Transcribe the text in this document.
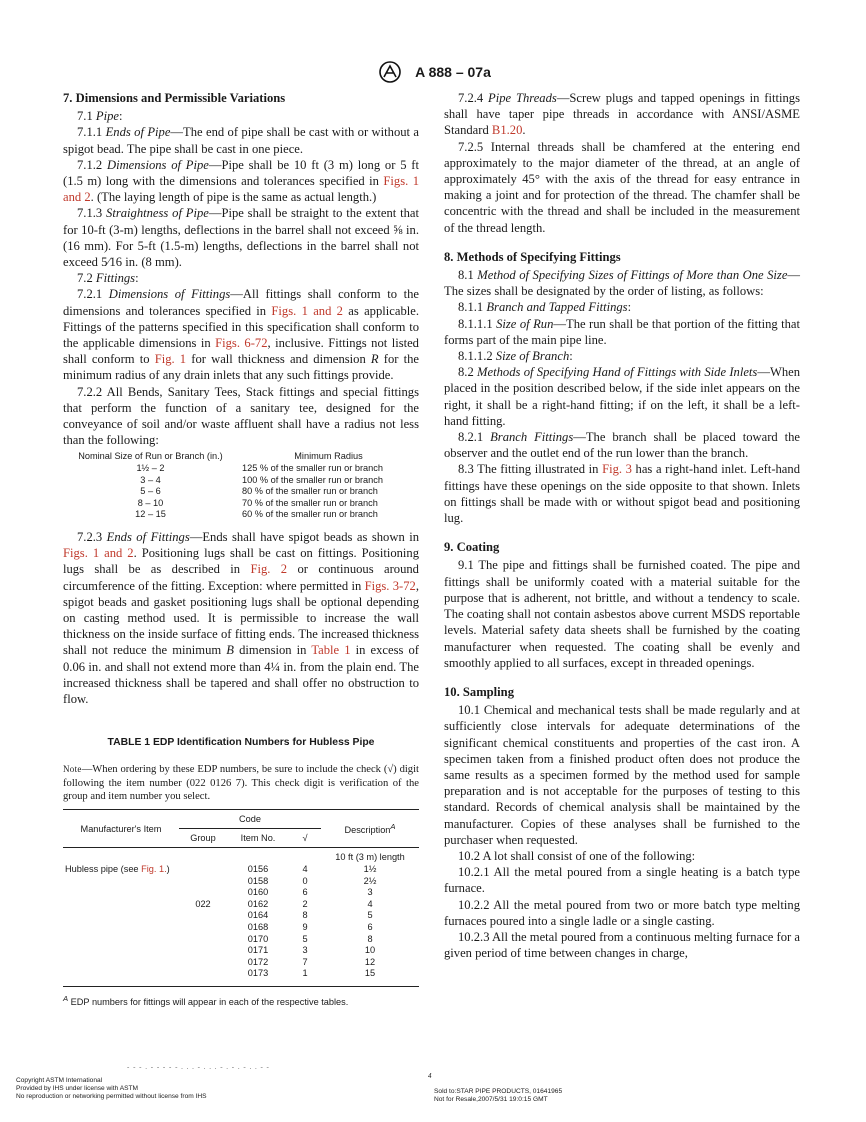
A 888 – 07a
7. Dimensions and Permissible Variations

7.1 Pipe:

7.1.1 Ends of Pipe—The end of pipe shall be cast with or without a spigot bead. The pipe shall be cast in one piece.

7.1.2 Dimensions of Pipe—Pipe shall be 10 ft (3 m) long or 5 ft (1.5 m) long with the dimensions and tolerances specified in Figs. 1 and 2. (The laying length of pipe is the same as actual length.)

7.1.3 Straightness of Pipe—Pipe shall be straight to the extent that for 10-ft (3-m) lengths, deflections in the barrel shall not exceed ⅝ in. (16 mm). For 5-ft (1.5-m) lengths, deflections in the barrel shall not exceed 5⁄16 in. (8 mm).

7.2 Fittings:

7.2.1 Dimensions of Fittings—All fittings shall conform to the dimensions and tolerances specified in Figs. 1 and 2 as applicable. Fittings of the patterns specified in this specification shall conform to the applicable dimensions in Figs. 6-72, inclusive. Fittings not listed shall conform to Fig. 1 for wall thickness and dimension R for the minimum radius of any drain inlets that any such fittings provide.

7.2.2 All Bends, Sanitary Tees, Stack fittings and special fittings that perform the function of a sanitary tee, designed for the conveyance of soil and/or waste affluent shall have a radius not less than the following:

Nominal Size of Run or Branch (in.)	Minimum Radius
1½ – 2	125 % of the smaller run or branch
3 – 4	100 % of the smaller run or branch
5 – 6	80 % of the smaller run or branch
8 – 10	70 % of the smaller run or branch
12 – 15	60 % of the smaller run or branch

7.2.3 Ends of Fittings—Ends shall have spigot beads as shown in Figs. 1 and 2. Positioning lugs shall be cast on fittings. Positioning lugs shall be as described in Fig. 2 or continuous around circumference of the fitting. Exception: where permitted in Figs. 3-72, spigot beads and gasket positioning lugs shall be optional depending on casting method used. It is permissible to increase the wall thickness on the inside surface of fitting ends. The increased thickness shall not reduce the minimum B dimension in Table 1 in excess of 0.06 in. and shall not extend more than 4¼ in. from the plain end. The increased thickness shall be tapered and shall offer no obstruction to flow.

TABLE 1 EDP Identification Numbers for Hubless Pipe
Note—When ordering by these EDP numbers, be sure to include the check (√) digit following the item number (022 0126 7). This check digit is verification of the group and item number you select.
Manufacturer's Item	Code			Description$^A$
	Group	Item No.	√	
				10 ft (3 m) length
Hubless pipe (see Fig. 1.)		0156	4	1½
		0158	0	2½
		0160	6	3
	022	0162	2	4
		0164	8	5
		0168	9	6
		0170	5	8
		0171	3	10
		0172	7	12
		0173	1	15
$^A$ EDP numbers for fittings will appear in each of the respective tables.

7.2.4 Pipe Threads—Screw plugs and tapped openings in fittings shall have taper pipe threads in accordance with ANSI/ASME Standard B1.20.

7.2.5 Internal threads shall be chamfered at the entering end approximately to the major diameter of the thread, at an angle of approximately 45° with the axis of the thread for easy entrance in making a joint and for protection of the thread. The chamfer shall be concentric with the thread and shall be included in the measurement of the thread length.

8. Methods of Specifying Fittings

8.1 Method of Specifying Sizes of Fittings of More than One Size—The sizes shall be designated by the order of listing, as follows:

8.1.1 Branch and Tapped Fittings:

8.1.1.1 Size of Run—The run shall be that portion of the fitting that forms part of the main pipe line.

8.1.1.2 Size of Branch:

8.2 Methods of Specifying Hand of Fittings with Side Inlets—When placed in the position described below, if the side inlet appears on the right, it shall be a right-hand fitting; if on the left, it shall be a left-hand fitting.

8.2.1 Branch Fittings—The branch shall be placed toward the observer and the outlet end of the run lower than the branch.

8.3 The fitting illustrated in Fig. 3 has a right-hand inlet. Left-hand fittings have these openings on the side opposite to that shown. Inlets on fittings shall be made with or without spigot bead and positioning lug.

9. Coating

9.1 The pipe and fittings shall be furnished coated. The pipe and fittings shall be uniformly coated with a material suitable for the purpose that is adherent, not brittle, and without a tendency to scale. The coating shall not contain asbestos above current MSDS reportable levels. Material safety data sheets shall be furnished by the coating manufacturer when requested. The coating shall be evenly and smoothly applied to all surfaces, except in threaded openings.

10. Sampling

10.1 Chemical and mechanical tests shall be made regularly and at sufficiently close intervals for adequate determinations of the significant chemical constituents and properties of the cast iron. A specimen taken from a finished product often does not produce the same results as a specimen formed by the method used for sample preparation and is not acceptable for the purposes of testing to this standard. Records of chemical analysis shall be maintained by the manufacturer. Copies of these analyses shall be furnished to the purchaser when requested.

10.2 A lot shall consist of one of the following:

10.2.1 All the metal poured from a single heating is a batch type furnace.

10.2.2 All the metal poured from two or more batch type melting furnaces poured into a single ladle or a single casting.

10.2.3 All the metal poured from a continuous melting furnace for a given period of time between changes in charge,

- - - . - - - - - . . . - . . . - . - . - . . - -
4
Copyright ASTM International
Provided by IHS under license with ASTM
No reproduction or networking permitted without license from IHS
Sold to:STAR PIPE PRODUCTS, 01641965
Not for Resale,2007/5/31 19:0:15 GMT
